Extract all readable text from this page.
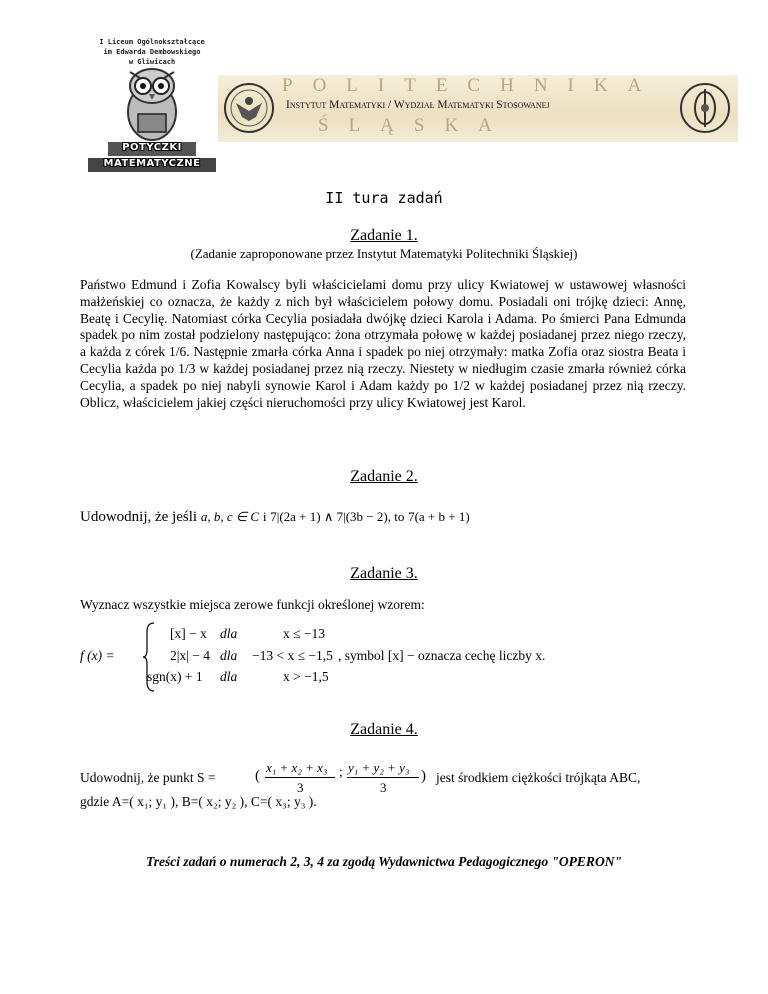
I Liceum Ogólnokształcące
im Edwarda Dembowskiego
w Gliwicach
POTYCZKI
MATEMATYCZNE
POLITECHNIKA
Instytut Matematyki / Wydział Matematyki Stosowanej
ŚLĄSKA
II tura zadań
Zadanie 1.
(Zadanie zaproponowane przez Instytut Matematyki Politechniki Śląskiej)

Państwo Edmund i Zofia Kowalscy byli właścicielami domu przy ulicy Kwiatowej w ustawowej własności małżeńskiej co oznacza, że każdy z nich był właścicielem połowy domu. Posiadali oni trójkę dzieci: Annę, Beatę i Cecylię. Natomiast córka Cecylia posiadała dwójkę dzieci Karola i Adama. Po śmierci Pana Edmunda spadek po nim został podzielony następująco: żona otrzymała połowę w każdej posiadanej przez niego rzeczy, a każda z córek 1/6. Następnie zmarła córka Anna i spadek po niej otrzymały: matka Zofia oraz siostra Beata i Cecylia każda po 1/3 w każdej posiadanej przez nią rzeczy. Niestety w niedługim czasie zmarła również córka Cecylia, a spadek po niej nabyli synowie Karol i Adam każdy po 1/2 w każdej posiadanej przez nią rzeczy. Oblicz, właścicielem jakiej części nieruchomości przy ulicy Kwiatowej jest Karol.

Zadanie 2.
Udowodnij, że jeśli a, b, c ∈ C i 7|(2a + 1) ∧ 7|(3b − 2), to 7(a + b + 1)
Zadanie 3.
Wyznacz wszystkie miejsca zerowe funkcji określonej wzorem:
f (x) =
[x] − x dla	x ≤ −13
2|x| − 4 dla −13 < x ≤ −1,5 , symbol [x] − oznacza cechę liczby x.
sgn(x) + 1 dla	x > −1,5
Zadanie 4.
Udowodnij, że punkt S =	(
x₁ + x₂ + x₃
3
; y₁ + y₂ + y₃
3
) jest środkiem ciężkości trójkąta ABC,
gdzie A=( x₁; y₁ ), B=( x₂; y₂ ), C=( x₃; y₃ ).
Treści zadań o numerach 2, 3, 4 za zgodą Wydawnictwa Pedagogicznego "OPERON"
